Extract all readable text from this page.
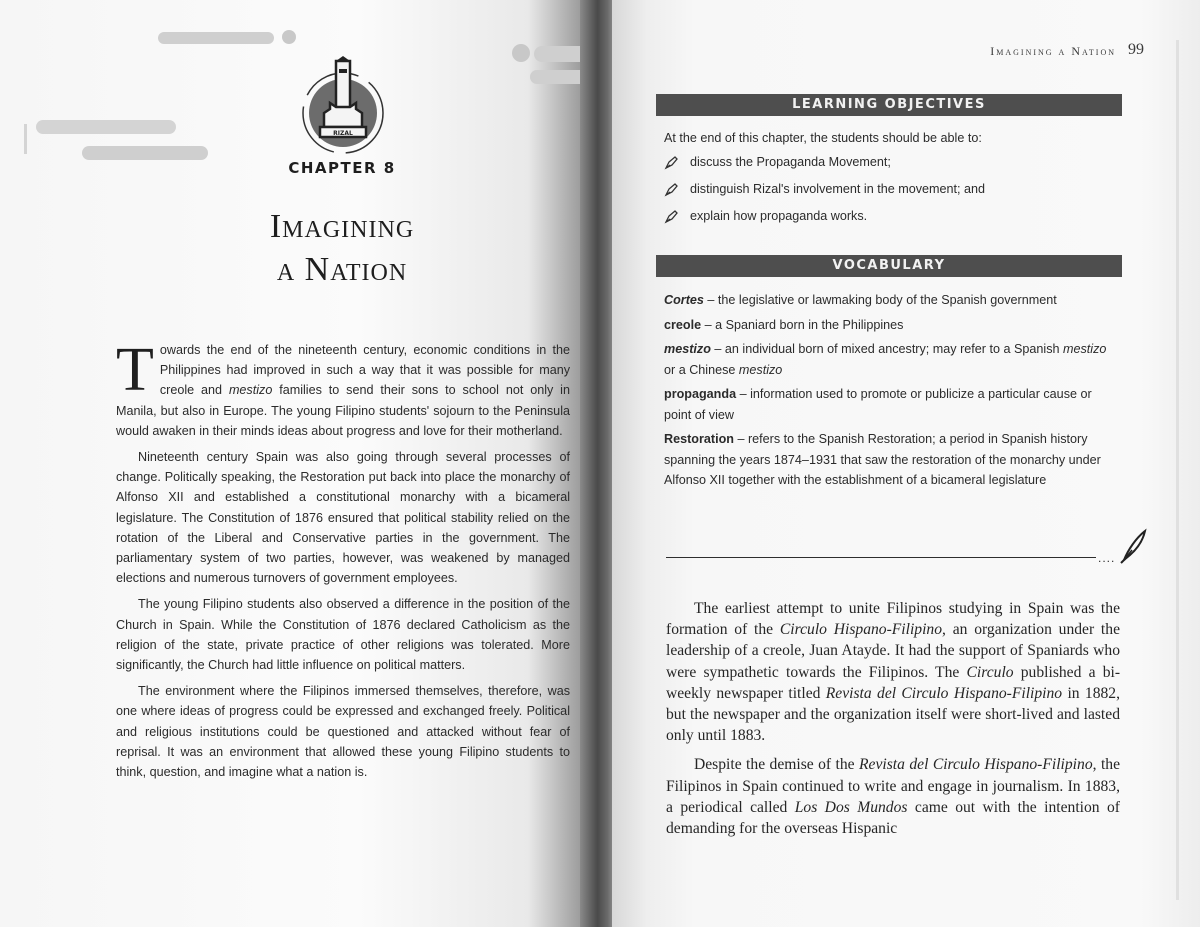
RIZAL
CHAPTER 8
Imagining
a Nation

Towards the end of the nineteenth century, economic conditions in the Philippines had improved in such a way that it was possible for many creole and mestizo families to send their sons to school not only in Manila, but also in Europe. The young Filipino students' sojourn to the Peninsula would awaken in their minds ideas about progress and love for their motherland.

Nineteenth century Spain was also going through several processes of change. Politically speaking, the Restoration put back into place the monarchy of Alfonso XII and established a constitutional monarchy with a bicameral legislature. The Constitution of 1876 ensured that political stability relied on the rotation of the Liberal and Conservative parties in the government. The parliamentary system of two parties, however, was weakened by managed elections and numerous turnovers of government employees.

The young Filipino students also observed a difference in the position of the Church in Spain. While the Constitution of 1876 declared Catholicism as the religion of the state, private practice of other religions was tolerated. More significantly, the Church had little influence on political matters.

The environment where the Filipinos immersed themselves, therefore, was one where ideas of progress could be expressed and exchanged freely. Political and religious institutions could be questioned and attacked without fear of reprisal. It was an environment that allowed these young Filipino students to think, question, and imagine what a nation is.

Imagining a Nation 99
LEARNING OBJECTIVES
At the end of this chapter, the students should be able to:
discuss the Propaganda Movement;
distinguish Rizal's involvement in the movement; and
explain how propaganda works.
VOCABULARY

Cortes – the legislative or lawmaking body of the Spanish government

creole – a Spaniard born in the Philippines

mestizo – an individual born of mixed ancestry; may refer to a Spanish mestizo or a Chinese mestizo

propaganda – information used to promote or publicize a particular cause or point of view

Restoration – refers to the Spanish Restoration; a period in Spanish history spanning the years 1874–1931 that saw the restoration of the monarchy under Alfonso XII together with the establishment of a bicameral legislature

....

The earliest attempt to unite Filipinos studying in Spain was the formation of the Circulo Hispano-Filipino, an organization under the leadership of a creole, Juan Atayde. It had the support of Spaniards who were sympathetic towards the Filipinos. The Circulo published a bi-weekly newspaper titled Revista del Circulo Hispano-Filipino in 1882, but the newspaper and the organization itself were short-lived and lasted only until 1883.

Despite the demise of the Revista del Circulo Hispano-Filipino, the Filipinos in Spain continued to write and engage in journalism. In 1883, a periodical called Los Dos Mundos came out with the intention of demanding for the overseas Hispanic
